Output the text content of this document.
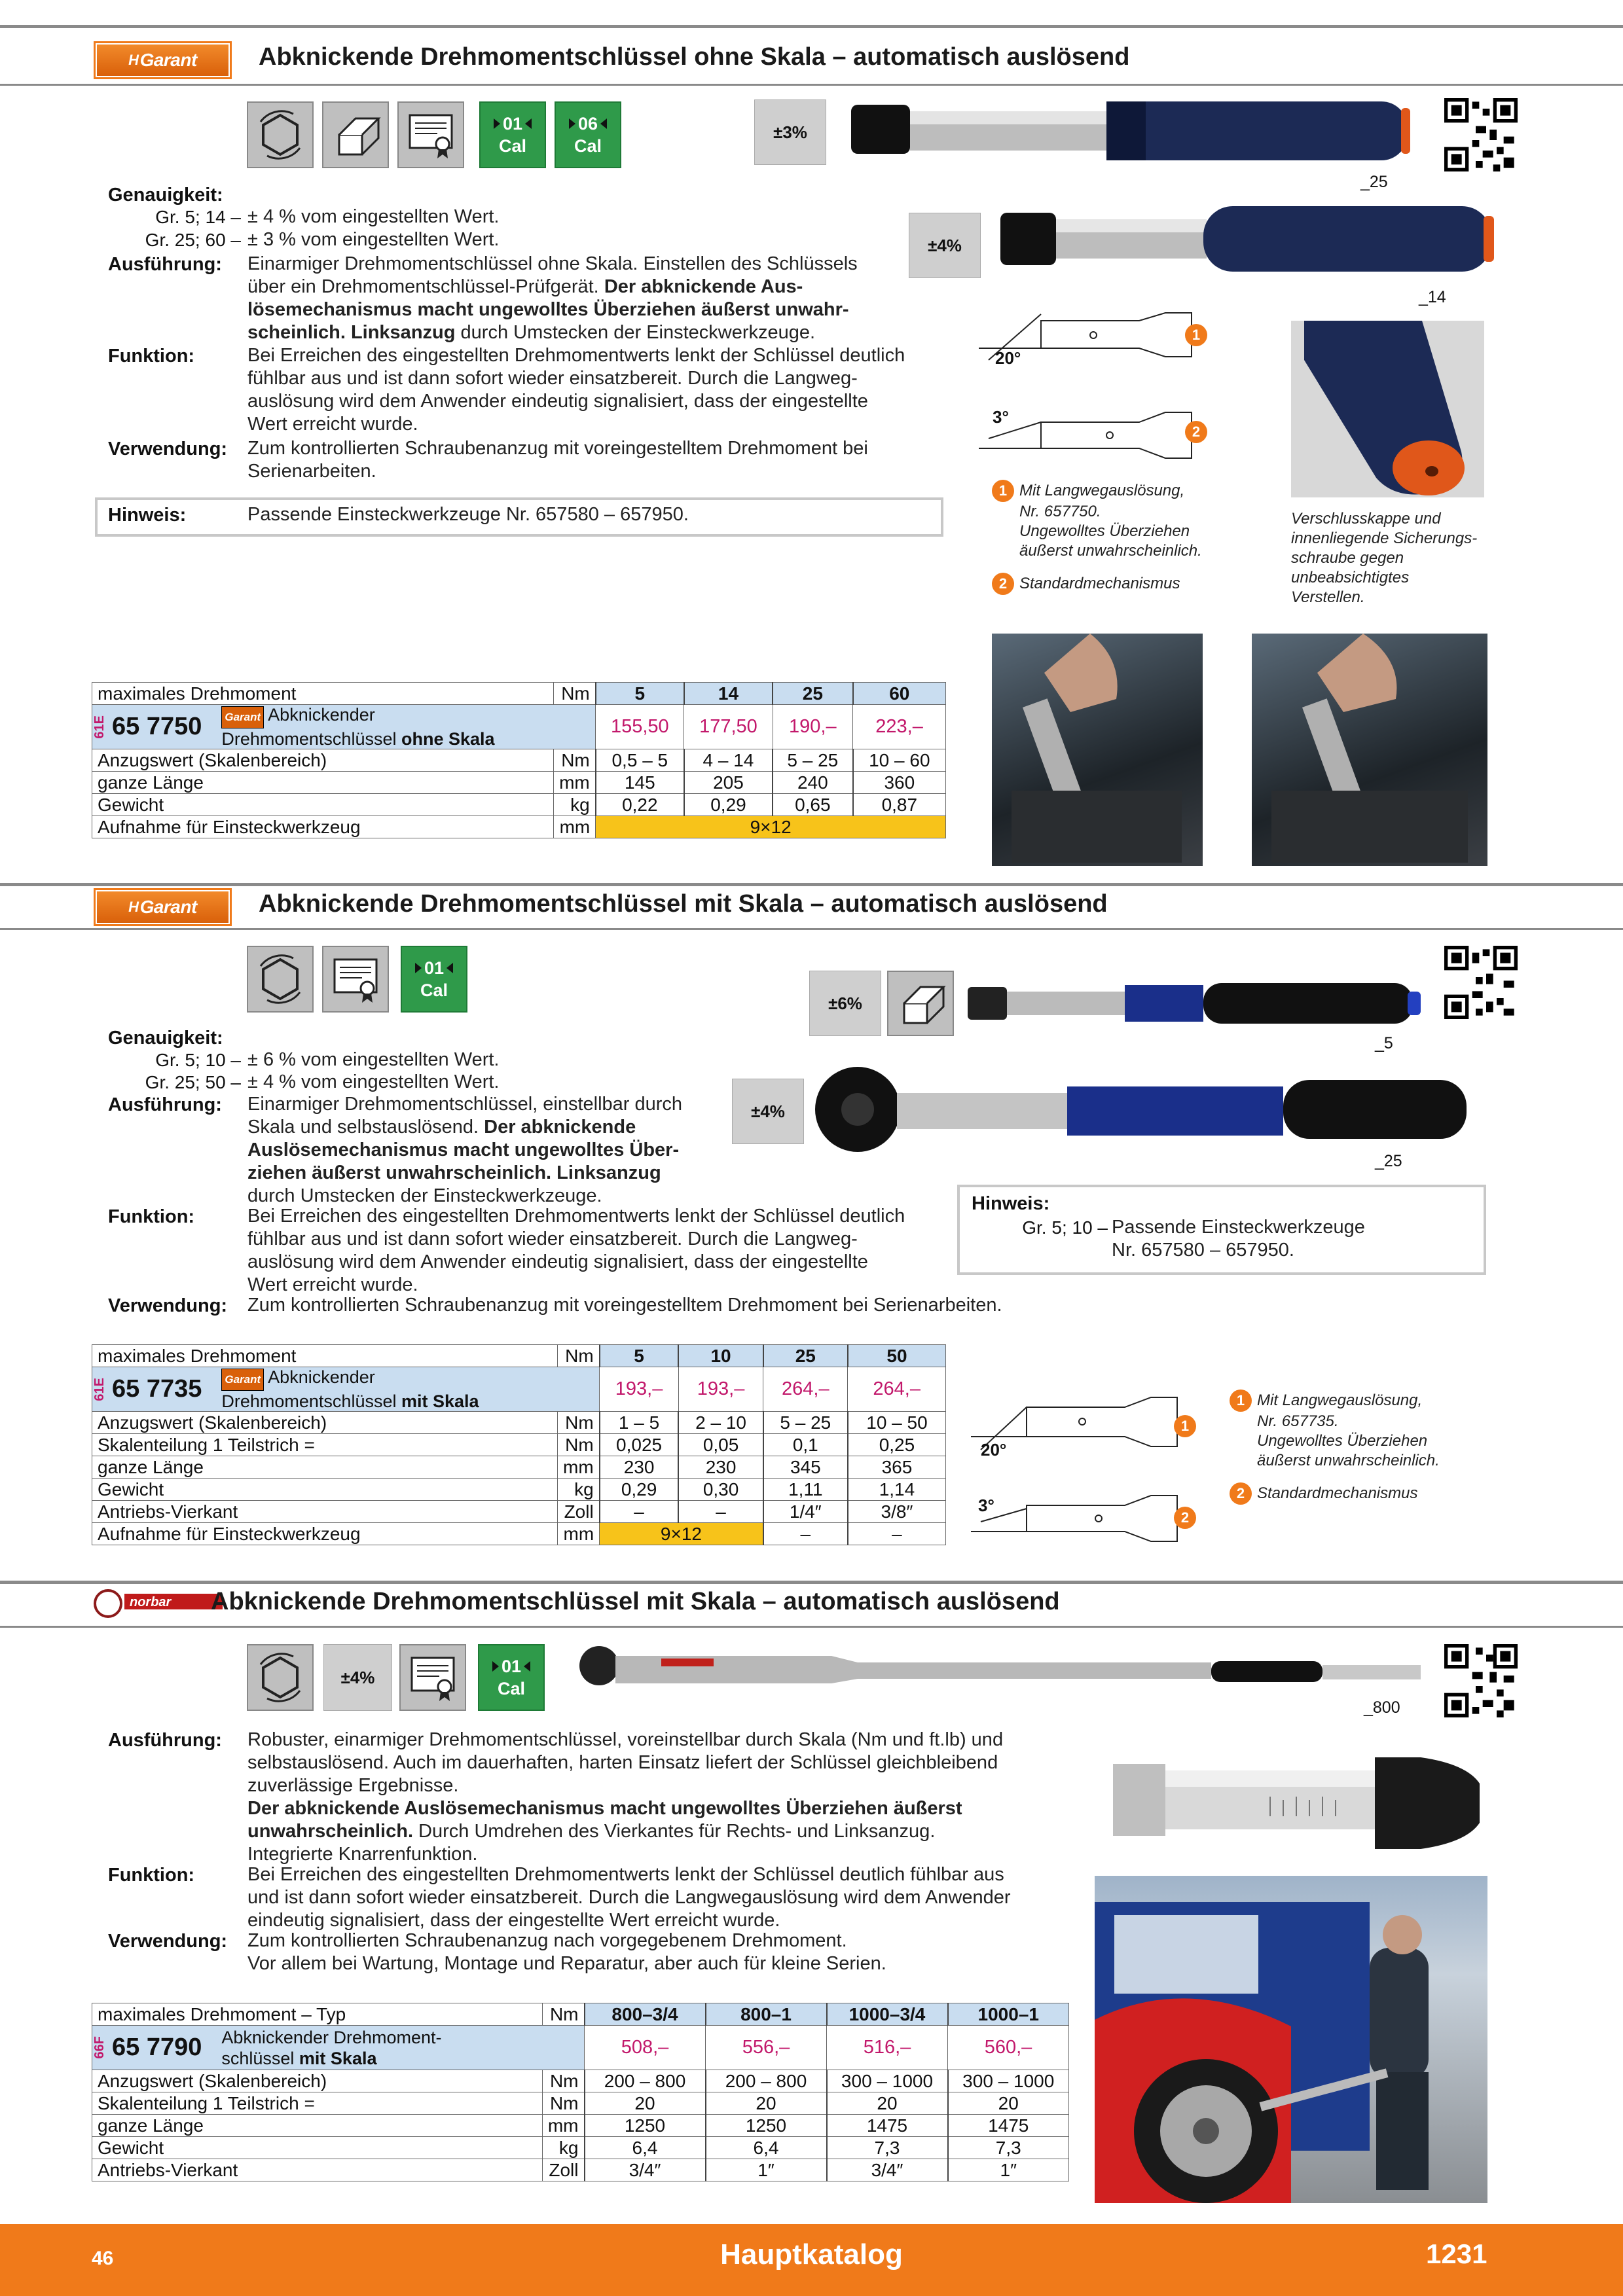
H Garant Abknickende Drehmomentschlüssel ohne Skala – automatisch auslösend
01
Cal
06
Cal
±3%
_25
±4%
_14
20°
3°
1
2
1 Mit Langwegauslösung,
Nr. 657750.
Ungewolltes Überziehen
äußerst unwahrscheinlich.
2 Standardmechanismus
Verschlusskappe und
innenliegende Sicherungs-
schraube gegen
unbeabsichtigtes
Verstellen.
Genauigkeit:
Gr. 5; 14 – ± 4 % vom eingestellten Wert.
Gr. 25; 60 – ± 3 % vom eingestellten Wert.
Ausführung: Einarmiger Drehmomentschlüssel ohne Skala. Einstellen des Schlüssels
über ein Drehmomentschlüssel-Prüfgerät. Der abknickende Aus-
lösemechanismus macht ungewolltes Überziehen äußerst unwahr-
scheinlich. Linksanzug durch Umstecken der Einsteckwerkzeuge.
Funktion:	Bei Erreichen des eingestellten Drehmomentwerts lenkt der Schlüssel deutlich
fühlbar aus und ist dann sofort wieder einsatzbereit. Durch die Langweg-
auslösung wird dem Anwender eindeutig signalisiert, dass der eingestellte
Wert erreicht wurde.
Verwendung: Zum kontrollierten Schraubenanzug mit voreingestelltem Drehmoment bei
Serienarbeiten.
Hinweis:	Passende Einsteckwerkzeuge Nr. 657580 – 657950.
maximales Drehmoment	Nm	5	14	25	60

61E 65 7750 Garant Abknickender
Drehmomentschlüssel ohne Skala		155,50	177,50	190,–	223,–
Anzugswert (Skalenbereich)	Nm	0,5 – 5	4 – 14	5 – 25	10 – 60
ganze Länge	mm	145	205	240	360
Gewicht	kg	0,22	0,29	0,65	0,87
Aufnahme für Einsteckwerkzeug	mm	9×12			
H Garant Abknickende Drehmomentschlüssel mit Skala – automatisch auslösend
01
Cal
±6%
_5
±4%
_25
Genauigkeit:
Gr. 5; 10 – ± 6 % vom eingestellten Wert.
Gr. 25; 50 – ± 4 % vom eingestellten Wert.
Ausführung: Einarmiger Drehmomentschlüssel, einstellbar durch
Skala und selbstauslösend. Der abknickende
Auslösemechanismus macht ungewolltes Über-
ziehen äußerst unwahrscheinlich. Linksanzug
durch Umstecken der Einsteckwerkzeuge.
Funktion:	Bei Erreichen des eingestellten Drehmomentwerts lenkt der Schlüssel deutlich
fühlbar aus und ist dann sofort wieder einsatzbereit. Durch die Langweg-
auslösung wird dem Anwender eindeutig signalisiert, dass der eingestellte
Wert erreicht wurde.
Verwendung: Zum kontrollierten Schraubenanzug mit voreingestelltem Drehmoment bei Serienarbeiten.
Hinweis:
Gr. 5; 10 – Passende Einsteckwerkzeuge
Nr. 657580 – 657950.
maximales Drehmoment	Nm	5	10	25	50

61E 65 7735 Garant Abknickender
Drehmomentschlüssel mit Skala		193,–	193,–	264,–	264,–
Anzugswert (Skalenbereich)	Nm	1 – 5	2 – 10	5 – 25	10 – 50
Skalenteilung 1 Teilstrich =	Nm	0,025	0,05	0,1	0,25
ganze Länge	mm	230	230	345	365
Gewicht	kg	0,29	0,30	1,11	1,14
Antriebs-Vierkant	Zoll	–	–	1/4″	3/8″
Aufnahme für Einsteckwerkzeug	mm	9×12		–	–
20°
3°
1
2
1 Mit Langwegauslösung,
Nr. 657735.
Ungewolltes Überziehen
äußerst unwahrscheinlich.
2 Standardmechanismus
norbar Abknickende Drehmomentschlüssel mit Skala – automatisch auslösend
±4%
01
Cal
_800
Ausführung: Robuster, einarmiger Drehmomentschlüssel, voreinstellbar durch Skala (Nm und ft.lb) und
selbstauslösend. Auch im dauerhaften, harten Einsatz liefert der Schlüssel gleichbleibend
zuverlässige Ergebnisse.
Der abknickende Auslösemechanismus macht ungewolltes Überziehen äußerst
unwahrscheinlich. Durch Umdrehen des Vierkantes für Rechts- und Linksanzug.
Integrierte Knarrenfunktion.
Funktion:	Bei Erreichen des eingestellten Drehmomentwerts lenkt der Schlüssel deutlich fühlbar aus
und ist dann sofort wieder einsatzbereit. Durch die Langwegauslösung wird dem Anwender
eindeutig signalisiert, dass der eingestellte Wert erreicht wurde.
Verwendung: Zum kontrollierten Schraubenanzug nach vorgegebenem Drehmoment.
Vor allem bei Wartung, Montage und Reparatur, aber auch für kleine Serien.
maximales Drehmoment – Typ	Nm	800–3/4	800–1	1000–3/4	1000–1

66F 65 7790 Abknickender Drehmoment-
schlüssel mit Skala		508,–	556,–	516,–	560,–
Anzugswert (Skalenbereich)	Nm	200 – 800	200 – 800	300 – 1000	300 – 1000
Skalenteilung 1 Teilstrich =	Nm	20	20	20	20
ganze Länge	mm	1250	1250	1475	1475
Gewicht	kg	6,4	6,4	7,3	7,3
Antriebs-Vierkant	Zoll	3/4″	1″	3/4″	1″
46	Hauptkatalog	1231
